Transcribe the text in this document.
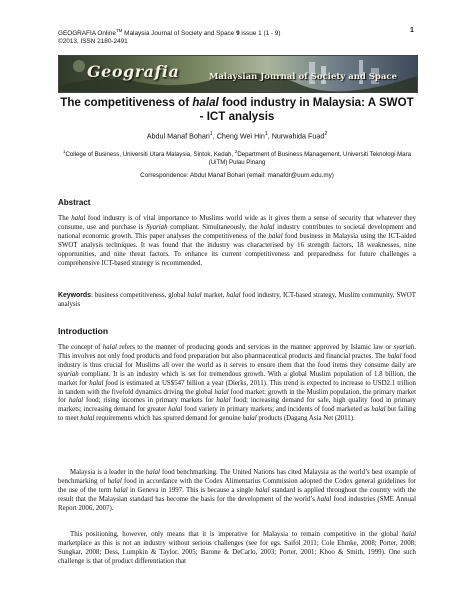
GEOGRAFIA Online™ Malaysia Journal of Society and Space 9 issue 1 (1 - 9)
©2013, ISSN 2180-2491
1
Geografia	Malaysian Journal of Society and Space
The competitiveness of halal food industry in Malaysia: A SWOT - ICT analysis
Abdul Manaf Bohari$^1$, Cheng Wei Hin$^1$, Nurwahida Fuad$^2$
$^1$College of Business, Universiti Utara Malaysia, Sintok, Kedah, $^2$Department of Business Management, Universiti Teknologi Mara
(UiTM) Pulau Pinang
Correspondence: Abdul Manaf Bohari (email: manafdr@uum.edu.my)
Abstract

The halal food industry is of vital importance to Muslims world wide as it gives them a sense of security that whatever they consume, use and purchase is Syariah compliant. Simultaneously, the halal industry contributes to societal development and national economic growth. This paper analyses the competitiveness of the halal food business in Malaysia using the ICT-aided SWOT analysis techniques. It was found that the industry was characterised by 16 strength factors, 18 weaknesses, nine opportunities, and nine threat factors. To enhance its current competitiveness and preparedness for future challenges a comprehensive ICT-based strategy is recommended.

Keywords: business competitiveness, global halal market, halal food industry, ICT-based strategy, Muslim community, SWOT analysis
Introduction

The concept of halal refers to the manner of producing goods and services in the manner approved by Islamic law or syariah. This involves not only food products and food preparation but also pharmaceutical products and financial practes. The halal food industry is thus crucial for Muslims all over the world as it serves to ensure them that the food items they consume daily are syariah compliant. It is an industry which is set for tremendous growth. With a global Muslim population of 1.8 billion, the market for halal food is estimated at US$547 billion a year (Dierks, 2011). This trend is expected to increase to USD2.1 trillion in tandem with the fivefold dynamics driving the global halal food market: growth in the Muslim population, the primary market for halal food; rising incomes in primary markets for halal food; increasing demand for safe, high quality food in primary markets; increasing demand for greater halal food variety in primary markets; and incidents of food marketed as halal but failing to meet halal requirements which has spurred demand for genuine halal products (Dagang Asia Net (2011).

Malaysia is a leader in the halal food benchmarking. The United Nations has cited Malaysia as the world’s best example of benchmarking of halal food in accordance with the Codex Alimentarius Commission adopted the Codex general guidelines for the use of the term halal in Geneva in 1997. This is because a single halal standard is applied throughout the country with the result that the Malaysian standard has become the basis for the development of the world’s halal food industries (SME Annual Report 2006, 2007).

This positioning, however, only means that it is imperative for Malaysia to remain competitive in the global halal marketplace as this is not an industry without serious challenges (see for egs. Saifol 2011; Cole Ehmke, 2008; Porter, 2008; Sungkar, 2008; Dess, Lumpkin & Taylor, 2005; Barone & DeCarlo, 2003; Porter, 2001; Khoo & Smith, 1999). One such challenge is that of product differentiation that
